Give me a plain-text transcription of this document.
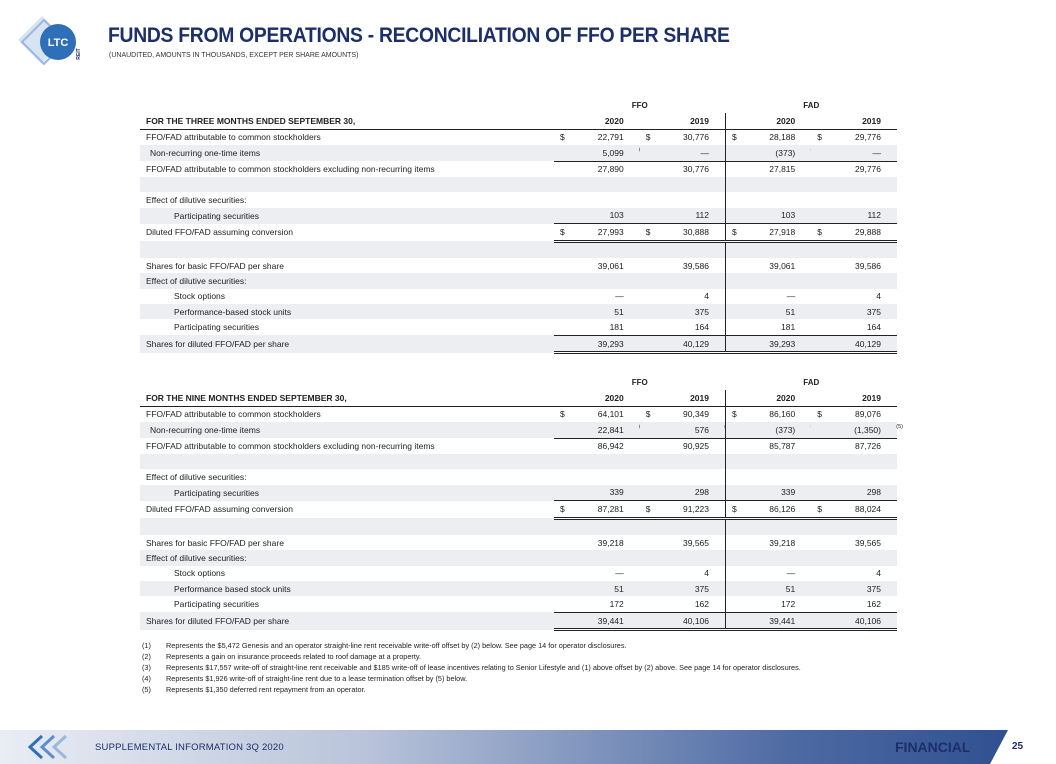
LTC
REIT
FUNDS FROM OPERATIONS - RECONCILIATION OF FFO PER SHARE
(UNAUDITED, AMOUNTS IN THOUSANDS, EXCEPT PER SHARE AMOUNTS)
	FFO		FAD	
FOR THE THREE MONTHS ENDED SEPTEMBER 30,	2020	2019	2020	2019
FFO/FAD attributable to common stockholders	$ 22,791	$ 30,776	$ 28,188	$ 29,776
Non-recurring one-time items	5,099	—	(373)	—
FFO/FAD attributable to common stockholders excluding non-recurring items	27,890	30,776	27,815	29,776

Effect of dilutive securities:				
Participating securities	103	112	103	112
Diluted FFO/FAD assuming conversion	$ 27,993	$ 30,888	$ 27,918	$ 29,888

Shares for basic FFO/FAD per share	39,061	39,586	39,061	39,586
Effect of dilutive securities:				
Stock options	—	4	—	4
Performance-based stock units	51	375	51	375
Participating securities	181	164	181	164
Shares for diluted FFO/FAD per share	39,293	40,129	39,293	40,129
	FFO		FAD	
FOR THE NINE MONTHS ENDED SEPTEMBER 30,	2020	2019	2020	2019
FFO/FAD attributable to common stockholders	$ 64,101	$ 90,349	$ 86,160	$ 89,076
Non-recurring one-time items	22,841	576	(373)	(1,350) (5)

FFO/FAD attributable to common stockholders excluding non-recurring items	86,942	90,925	85,787	87,726

Effect of dilutive securities:				
Participating securities	339	298	339	298
Diluted FFO/FAD assuming conversion	$ 87,281	$ 91,223	$ 86,126	$ 88,024

Shares for basic FFO/FAD per share	39,218	39,565	39,218	39,565
Effect of dilutive securities:				
Stock options	—	4	—	4
Performance based stock units	51	375	51	375
Participating securities	172	162	172	162
Shares for diluted FFO/FAD per share	39,441	40,106	39,441	40,106
(1)	Represents the $5,472 Genesis and an operator straight-line rent receivable write-off offset by (2) below. See page 14 for operator disclosures.
(2)	Represents a gain on insurance proceeds related to roof damage at a property.
(3)	Represents $17,557 write-off of straight-line rent receivable and $185 write-off of lease incentives relating to Senior Lifestyle and (1) above offset by (2) above. See page 14 for operator disclosures.
(4)	Represents $1,926 write-off of straight-line rent due to a lease termination offset by (5) below.
(5)	Represents $1,350 deferred rent repayment from an operator.
SUPPLEMENTAL INFORMATION 3Q 2020	FINANCIAL	25
